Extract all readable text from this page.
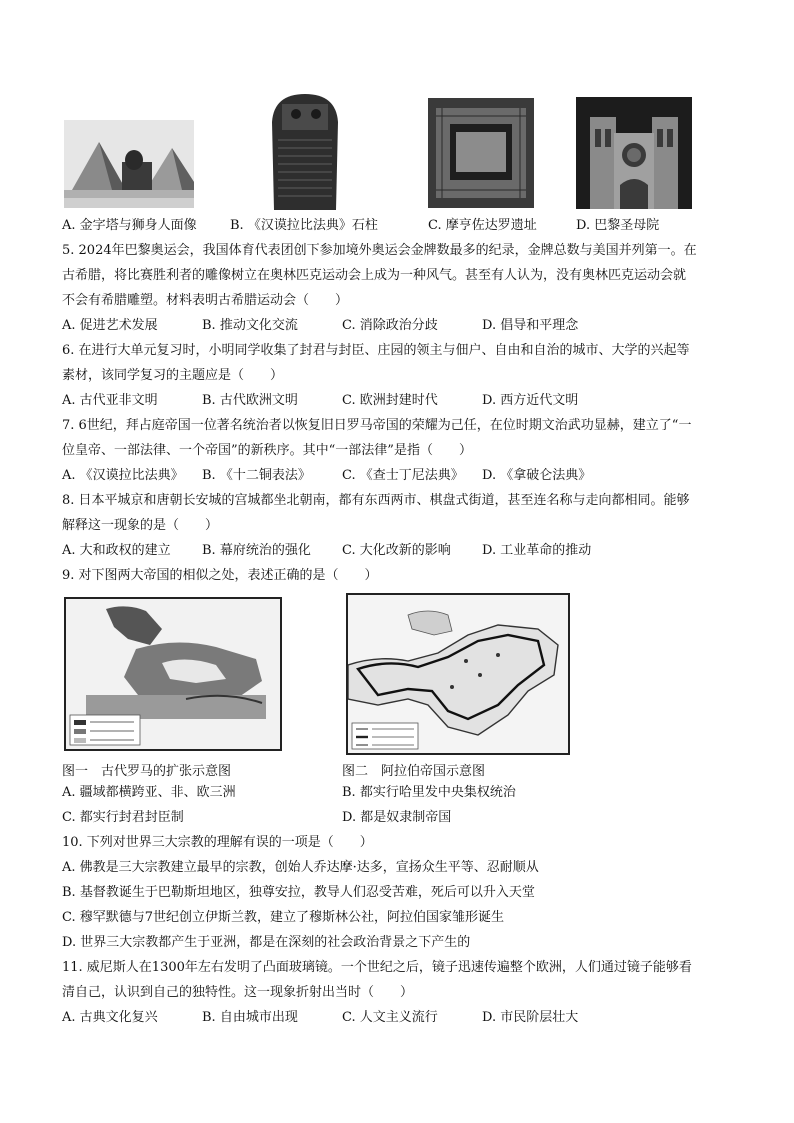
A. 金字塔与狮身人面像	B. 《汉谟拉比法典》石柱	C. 摩亨佐达罗遗址	D. 巴黎圣母院
5. 2024年巴黎奥运会，我国体育代表团创下参加境外奥运会金牌数最多的纪录，金牌总数与美国并列第一。在
古希腊，将比赛胜利者的雕像树立在奥林匹克运动会上成为一种风气。甚至有人认为，没有奥林匹克运动会就
不会有希腊雕塑。材料表明古希腊运动会（　　）
A. 促进艺术发展	B. 推动文化交流	C. 消除政治分歧	D. 倡导和平理念
6. 在进行大单元复习时，小明同学收集了封君与封臣、庄园的领主与佃户、自由和自治的城市、大学的兴起等
素材，该同学复习的主题应是（　　）
A. 古代亚非文明	B. 古代欧洲文明	C. 欧洲封建时代	D. 西方近代文明
7. 6世纪，拜占庭帝国一位著名统治者以恢复旧日罗马帝国的荣耀为己任，在位时期文治武功显赫，建立了“一
位皇帝、一部法律、一个帝国”的新秩序。其中“一部法律”是指（　　）
A. 《汉谟拉比法典》 B. 《十二铜表法》 C. 《查士丁尼法典》 D. 《拿破仑法典》
8. 日本平城京和唐朝长安城的宫城都坐北朝南，都有东西两市、棋盘式街道，甚至连名称与走向都相同。能够
解释这一现象的是（　　）
A. 大和政权的建立 B. 幕府统治的强化 C. 大化改新的影响 D. 工业革命的推动
9. 对下图两大帝国的相似之处，表述正确的是（　　）
图一　古代罗马的扩张示意图	图二　阿拉伯帝国示意图
A. 疆域都横跨亚、非、欧三洲	B. 都实行哈里发中央集权统治
C. 都实行封君封臣制	D. 都是奴隶制帝国
10. 下列对世界三大宗教的理解有误的一项是（　　）
A. 佛教是三大宗教建立最早的宗教，创始人乔达摩·达多，宣扬众生平等、忍耐顺从
B. 基督教诞生于巴勒斯坦地区，独尊安拉，教导人们忍受苦难，死后可以升入天堂
C. 穆罕默德与7世纪创立伊斯兰教，建立了穆斯林公社，阿拉伯国家雏形诞生
D. 世界三大宗教都产生于亚洲，都是在深刻的社会政治背景之下产生的
11. 威尼斯人在1300年左右发明了凸面玻璃镜。一个世纪之后，镜子迅速传遍整个欧洲，人们通过镜子能够看
清自己，认识到自己的独特性。这一现象折射出当时（　　）
A. 古典文化复兴	B. 自由城市出现	C. 人文主义流行	D. 市民阶层壮大
